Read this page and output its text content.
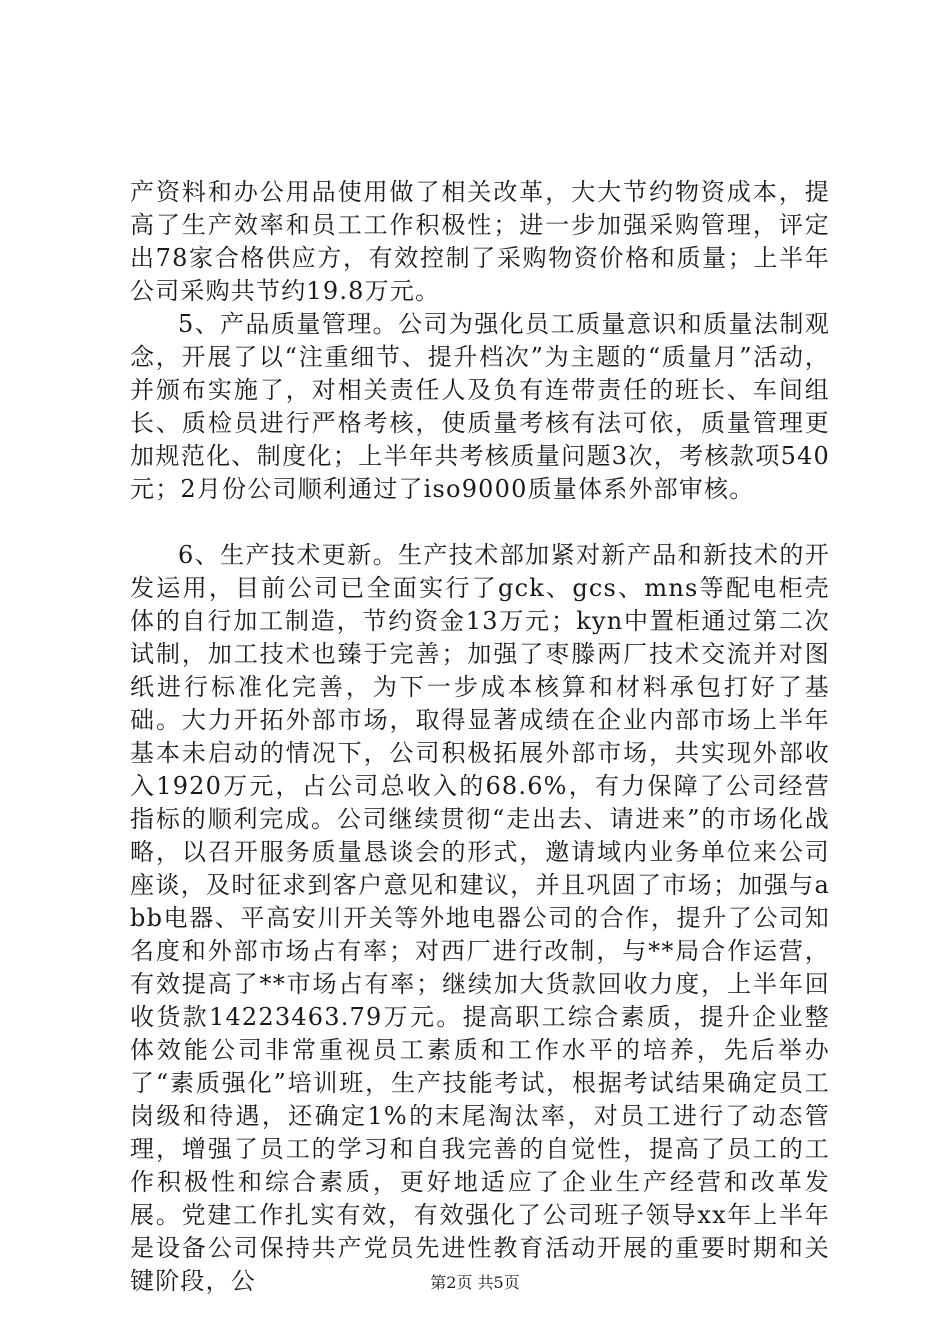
产资料和办公用品使用做了相关改革，大大节约物资成本，提高了生产效率和员工工作积极性；进一步加强采购管理，评定出78家合格供应方，有效控制了采购物资价格和质量；上半年公司采购共节约19.8万元。

5、产品质量管理。公司为强化员工质量意识和质量法制观念，开展了以“注重细节、提升档次”为主题的“质量月”活动，并颁布实施了，对相关责任人及负有连带责任的班长、车间组长、质检员进行严格考核，使质量考核有法可依，质量管理更加规范化、制度化；上半年共考核质量问题3次，考核款项540元；2月份公司顺利通过了iso9000质量体系外部审核。

6、生产技术更新。生产技术部加紧对新产品和新技术的开发运用，目前公司已全面实行了gck、gcs、mns等配电柜壳体的自行加工制造，节约资金13万元；kyn中置柜通过第二次试制，加工技术也臻于完善；加强了枣滕两厂技术交流并对图纸进行标准化完善，为下一步成本核算和材料承包打好了基础。大力开拓外部市场，取得显著成绩在企业内部市场上半年基本未启动的情况下，公司积极拓展外部市场，共实现外部收入1920万元，占公司总收入的68.6%，有力保障了公司经营指标的顺利完成。公司继续贯彻“走出去、请进来”的市场化战略，以召开服务质量恳谈会的形式，邀请域内业务单位来公司座谈，及时征求到客户意见和建议，并且巩固了市场；加强与abb电器、平高安川开关等外地电器公司的合作，提升了公司知名度和外部市场占有率；对西厂进行改制，与**局合作运营，有效提高了**市场占有率；继续加大货款回收力度，上半年回收货款14223463.79万元。提高职工综合素质，提升企业整体效能公司非常重视员工素质和工作水平的培养，先后举办了“素质强化”培训班，生产技能考试，根据考试结果确定员工岗级和待遇，还确定1%的末尾淘汰率，对员工进行了动态管理，增强了员工的学习和自我完善的自觉性，提高了员工的工作积极性和综合素质，更好地适应了企业生产经营和改革发展。党建工作扎实有效，有效强化了公司班子领导xx年上半年是设备公司保持共产党员先进性教育活动开展的重要时期和关键阶段，公	第2页 共5页
